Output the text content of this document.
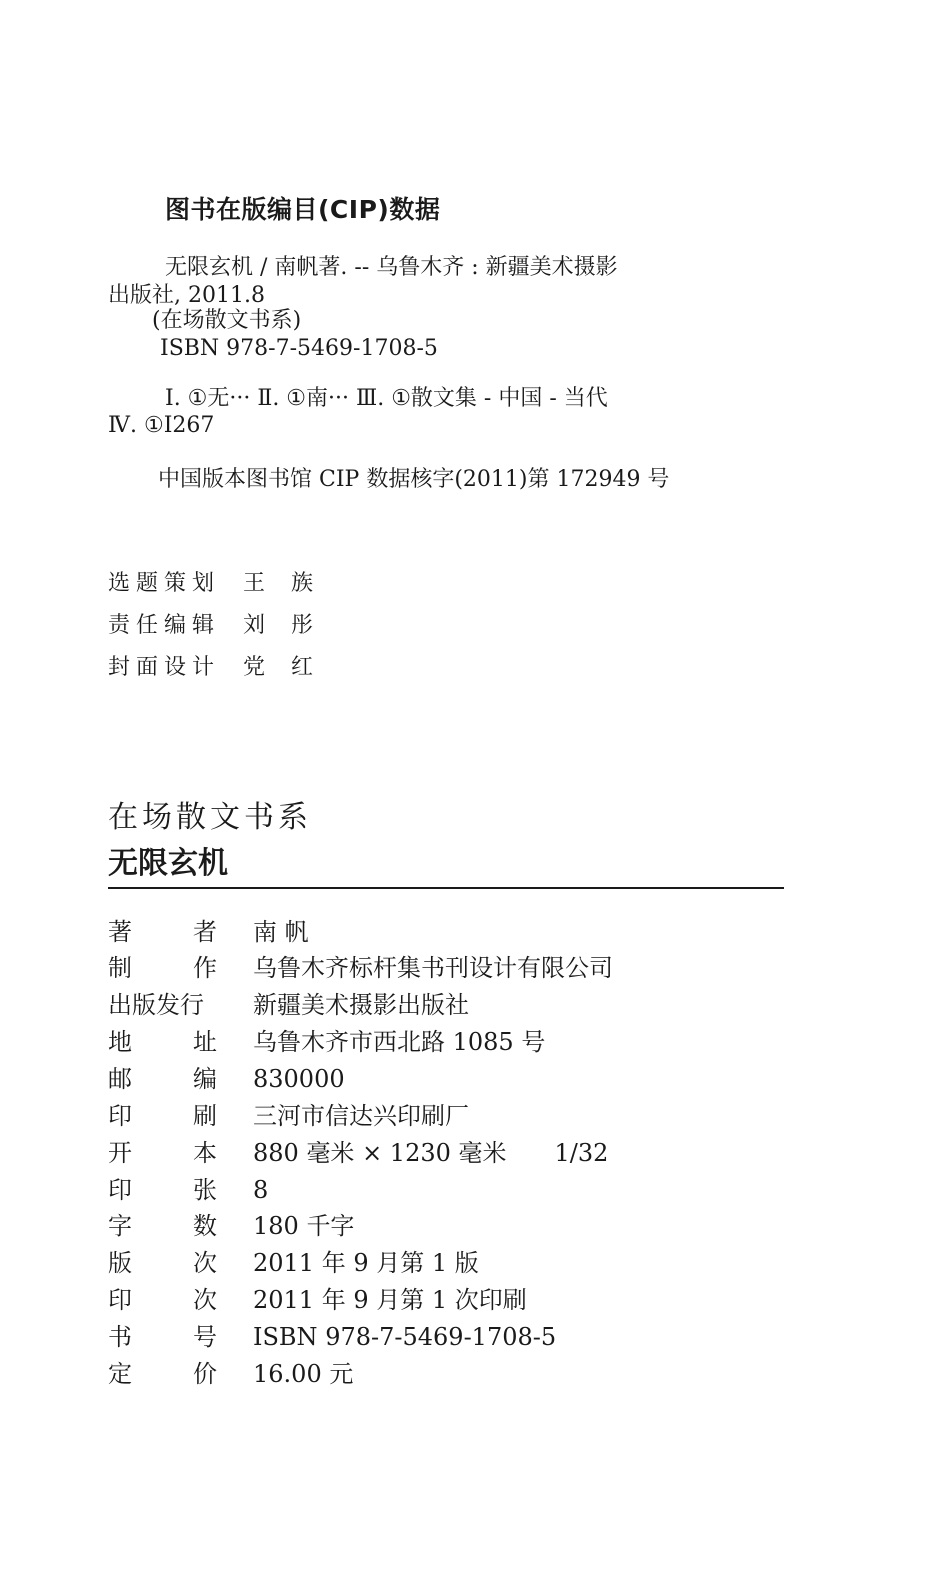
图书在版编目(CIP)数据
无限玄机 / 南帆著. -- 乌鲁木齐 : 新疆美术摄影
出版社, 2011.8
(在场散文书系)
ISBN 978-7-5469-1708-5
Ⅰ. ①无··· Ⅱ. ①南··· Ⅲ. ①散文集 - 中国 - 当代
Ⅳ. ①I267
中国版本图书馆 CIP 数据核字(2011)第 172949 号
选题策划 王族
责任编辑 刘彤
封面设计 党红
在场散文书系
无限玄机
著	者 南 帆
制	作 乌鲁木齐标杆集书刊设计有限公司
出版发行 新疆美术摄影出版社
地	址 乌鲁木齐市西北路 1085 号
邮	编 830000
印	刷 三河市信达兴印刷厂
开	本 880 毫米 × 1230 毫米　　1/32
印	张 8
字	数 180 千字
版	次 2011 年 9 月第 1 版
印	次 2011 年 9 月第 1 次印刷
书	号 ISBN 978-7-5469-1708-5
定	价 16.00 元
